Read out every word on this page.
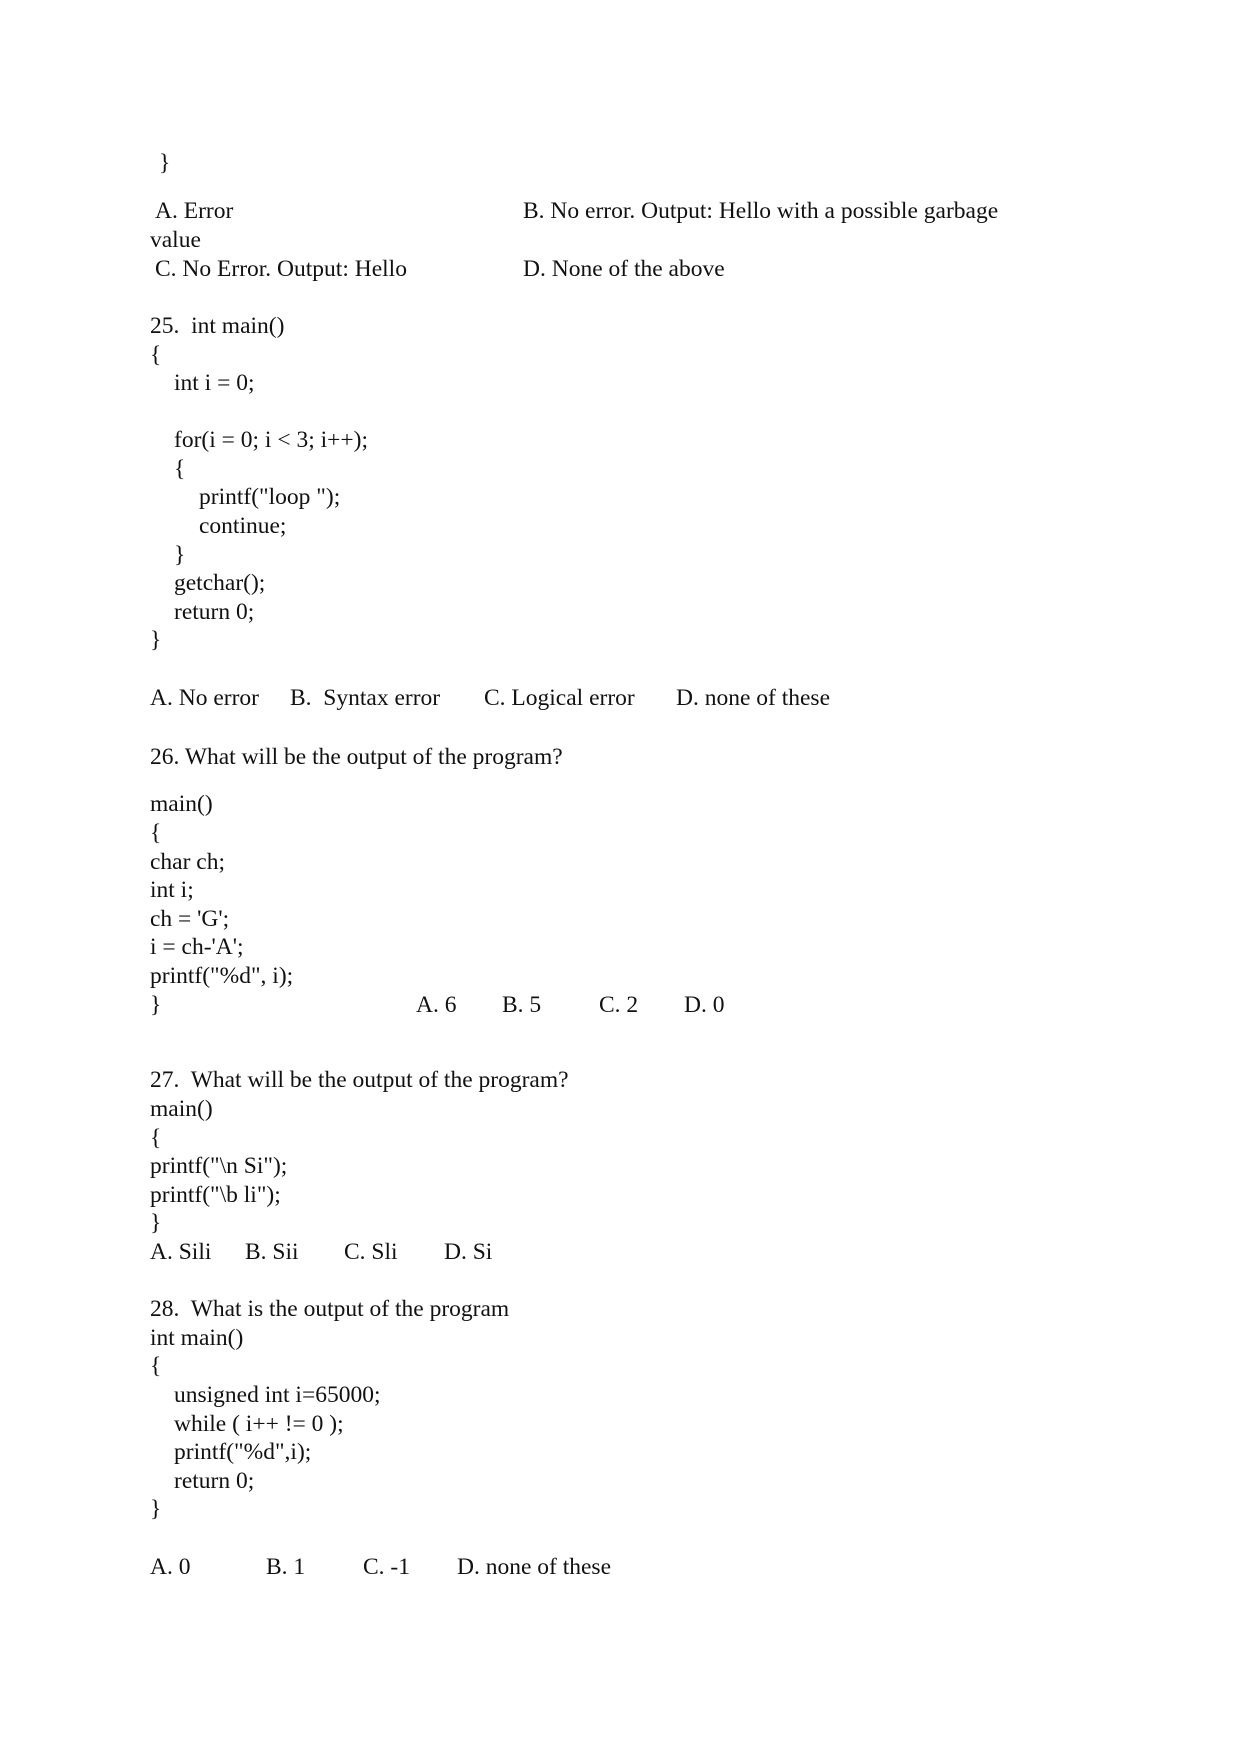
}
A. Error	B. No error. Output: Hello with a possible garbage
value
C. No Error. Output: Hello	D. None of the above
25.  int main()
{
int i = 0;
for(i = 0; i < 3; i++);
{
printf("loop ");
continue;
}
getchar();
return 0;
}
A. No error B.  Syntax error C. Logical error D. none of these
26. What will be the output of the program?
main()
{
char ch;
int i;
ch = 'G';
i = ch-'A';
printf("%d", i);
}	A. 6 B. 5 C. 2 D. 0
27.  What will be the output of the program?
main()
{
printf("\n Si");
printf("\b li");
}
A. Sili B. Sii C. Sli D. Si
28.  What is the output of the program
int main()
{
unsigned int i=65000;
while ( i++ != 0 );
printf("%d",i);
return 0;
}
A. 0	B. 1 C. -1 D. none of these
